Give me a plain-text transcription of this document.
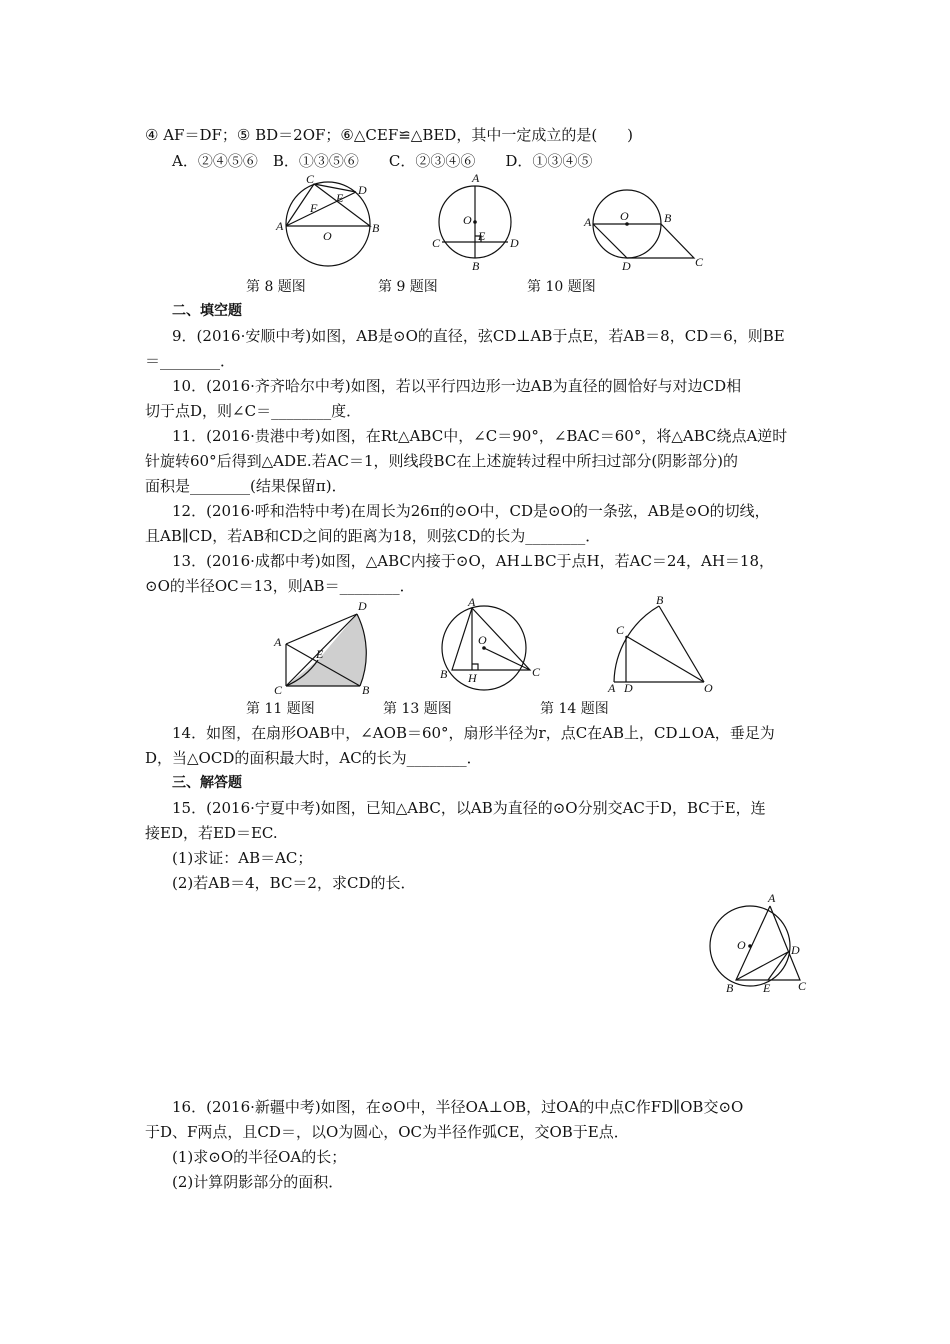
④ AF＝DF；⑤ BD＝2OF；⑥△CEF≌△BED，其中一定成立的是(　　)
A．②④⑤⑥　B．①③⑤⑥　　C．②③④⑥　　D．①③④⑤
C
D
E
F
A	B
O
A
O
E
C	D
B
O
A	B
D	C
第 8 题图	第 9 题图	第 10 题图
二、填空题
9．(2016·安顺中考)如图，AB是⊙O的直径，弦CD⊥AB于点E，若AB＝8，CD＝6，则BE
＝________．
10．(2016·齐齐哈尔中考)如图，若以平行四边形一边AB为直径的圆恰好与对边CD相
切于点D，则∠C＝________度．
11．(2016·贵港中考)如图，在Rt△ABC中，∠C＝90°，∠BAC＝60°，将△ABC绕点A逆时
针旋转60°后得到△ADE.若AC＝1，则线段BC在上述旋转过程中所扫过部分(阴影部分)的
面积是________(结果保留π)．
12．(2016·呼和浩特中考)在周长为26π的⊙O中，CD是⊙O的一条弦，AB是⊙O的切线，
且AB∥CD，若AB和CD之间的距离为18，则弦CD的长为________．
13．(2016·成都中考)如图，△ABC内接于⊙O，AH⊥BC于点H，若AC＝24，AH＝18，
⊙O的半径OC＝13，则AB＝________．
D
A
E
C	B
A
O
B H	C
B
C
A D	O
第 11 题图	第 13 题图	第 14 题图
14．如图，在扇形OAB中，∠AOB＝60°，扇形半径为r，点C在AB上，CD⊥OA，垂足为
D，当△OCD的面积最大时，AC的长为________．
三、解答题
15．(2016·宁夏中考)如图，已知△ABC，以AB为直径的⊙O分别交AC于D，BC于E，连
接ED，若ED＝EC.
(1)求证：AB＝AC；
(2)若AB＝4，BC＝2，求CD的长．
A
O	D
B E C
16．(2016·新疆中考)如图，在⊙O中，半径OA⊥OB，过OA的中点C作FD∥OB交⊙O
于D、F两点，且CD＝，以O为圆心，OC为半径作弧CE，交OB于E点．
(1)求⊙O的半径OA的长；
(2)计算阴影部分的面积．
